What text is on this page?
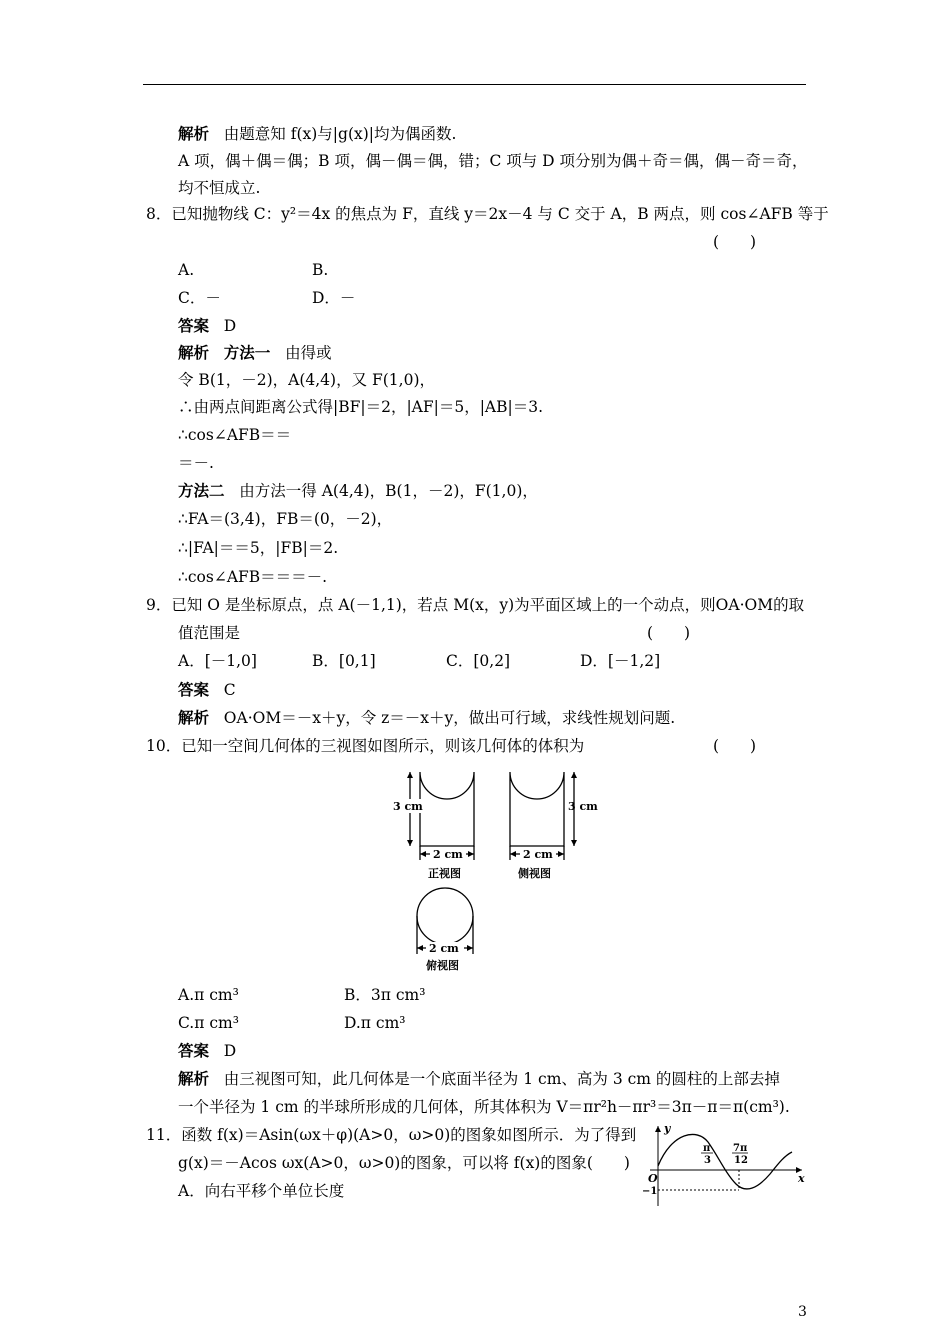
解析 由题意知 f(x)与|g(x)|均为偶函数.
A 项，偶＋偶＝偶；B 项，偶－偶＝偶，错；C 项与 D 项分别为偶＋奇＝偶，偶－奇＝奇，
均不恒成立.
8．已知抛物线 C：y²＝4x 的焦点为 F，直线 y＝2x－4 与 C 交于 A，B 两点，则 cos∠AFB 等于
(　　)
A.	B.
C．－	D．－
答案 D
解析 方法一 由得或
令 B(1，－2)，A(4,4)，又 F(1,0)，
∴由两点间距离公式得|BF|＝2，|AF|＝5，|AB|＝3.
∴cos∠AFB＝＝
＝－.
方法二 由方法一得 A(4,4)，B(1，－2)，F(1,0)，
∴FA＝(3,4)，FB＝(0，－2)，
∴|FA|＝＝5，|FB|＝2.
∴cos∠AFB＝＝＝－.
9．已知 O 是坐标原点，点 A(－1,1)，若点 M(x，y)为平面区域上的一个动点，则OA·OM的取
值范围是	(　　)
A．[－1,0]	B．[0,1]	C．[0,2]	D．[－1,2]
答案 C
解析 OA·OM＝－x＋y，令 z＝－x＋y，做出可行域，求线性规划问题.
10．已知一空间几何体的三视图如图所示，则该几何体的体积为	(　　)
3 cm
2 cm
正视图
3 cm
2 cm
侧视图
2 cm
俯视图
A.π cm³	B．3π cm³
C.π cm³	D.π cm³
答案 D
解析 由三视图可知，此几何体是一个底面半径为 1 cm、高为 3 cm 的圆柱的上部去掉
一个半径为 1 cm 的半球所形成的几何体，所其体积为 V＝πr²h－πr³＝3π－π＝π(cm³).
11．函数 f(x)＝Asin(ωx＋φ)(A>0，ω>0)的图象如图所示．为了得到
g(x)＝－Acos ωx(A>0，ω>0)的图象，可以将 f(x)的图象(　　)
A．向右平移个单位长度
y
x
O
π
3
7π
12
−1
3
